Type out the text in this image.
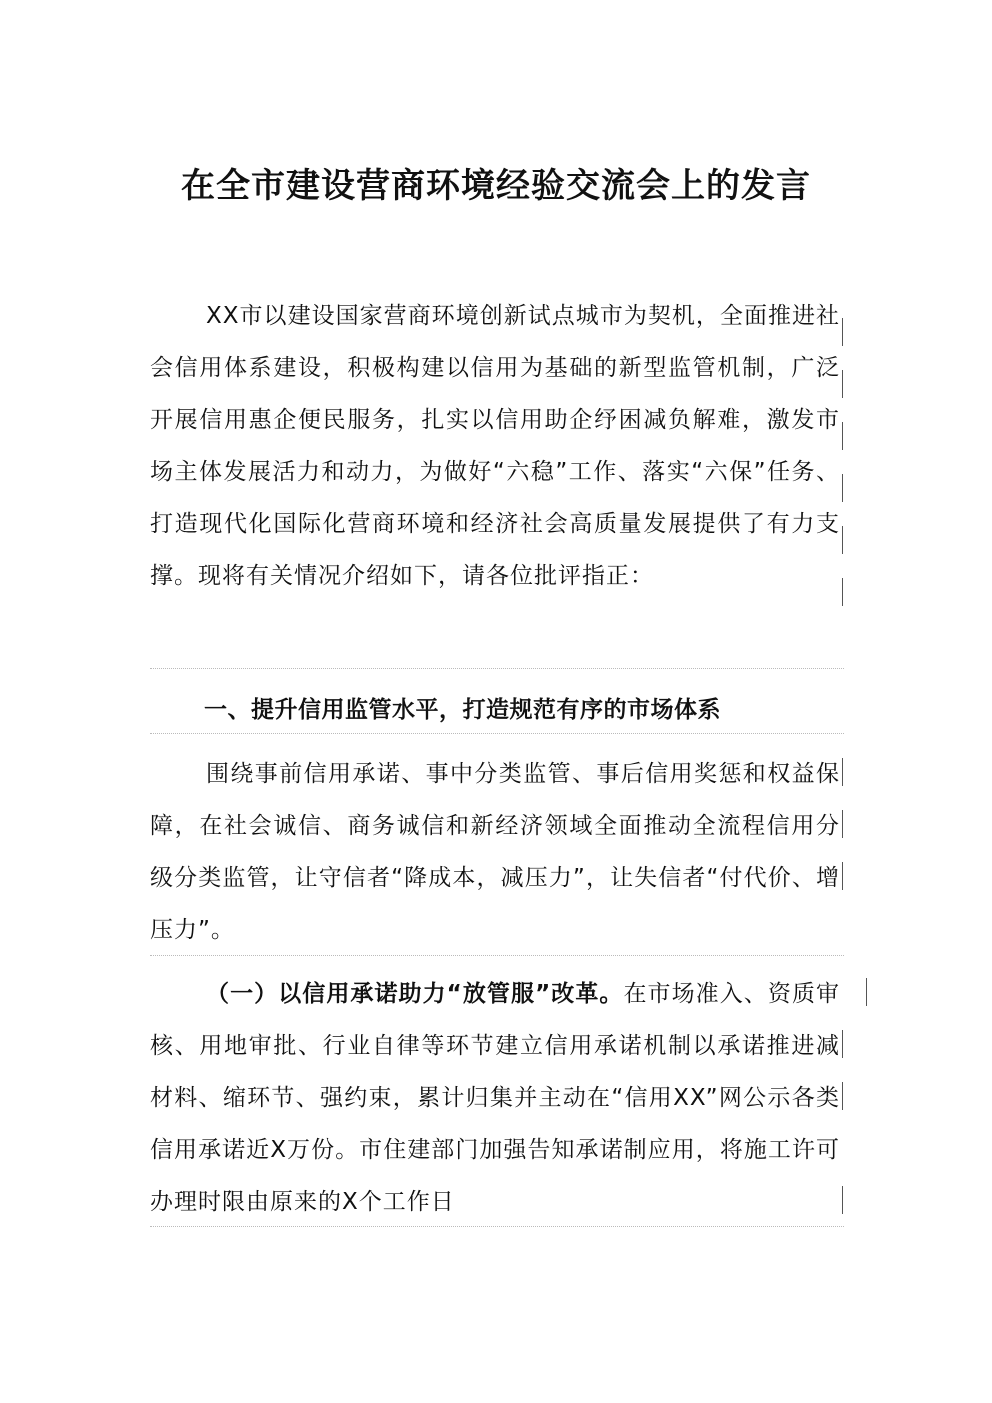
在全市建设营商环境经验交流会上的发言

XX市以建设国家营商环境创新试点城市为契机，全面推进社会信用体系建设，积极构建以信用为基础的新型监管机制，广泛开展信用惠企便民服务，扎实以信用助企纾困减负解难，激发市场主体发展活力和动力，为做好“六稳”工作、落实“六保”任务、打造现代化国际化营商环境和经济社会高质量发展提供了有力支撑。现将有关情况介绍如下，请各位批评指正：

一、提升信用监管水平，打造规范有序的市场体系

围绕事前信用承诺、事中分类监管、事后信用奖惩和权益保障，在社会诚信、商务诚信和新经济领域全面推动全流程信用分级分类监管，让守信者“降成本，减压力”，让失信者“付代价、增压力”。

（一）以信用承诺助力“放管服”改革。在市场准入、资质审核、用地审批、行业自律等环节建立信用承诺机制以承诺推进减材料、缩环节、强约束，累计归集并主动在“信用XX”网公示各类信用承诺近X万份。市住建部门加强告知承诺制应用，将施工许可办理时限由原来的X个工作日
